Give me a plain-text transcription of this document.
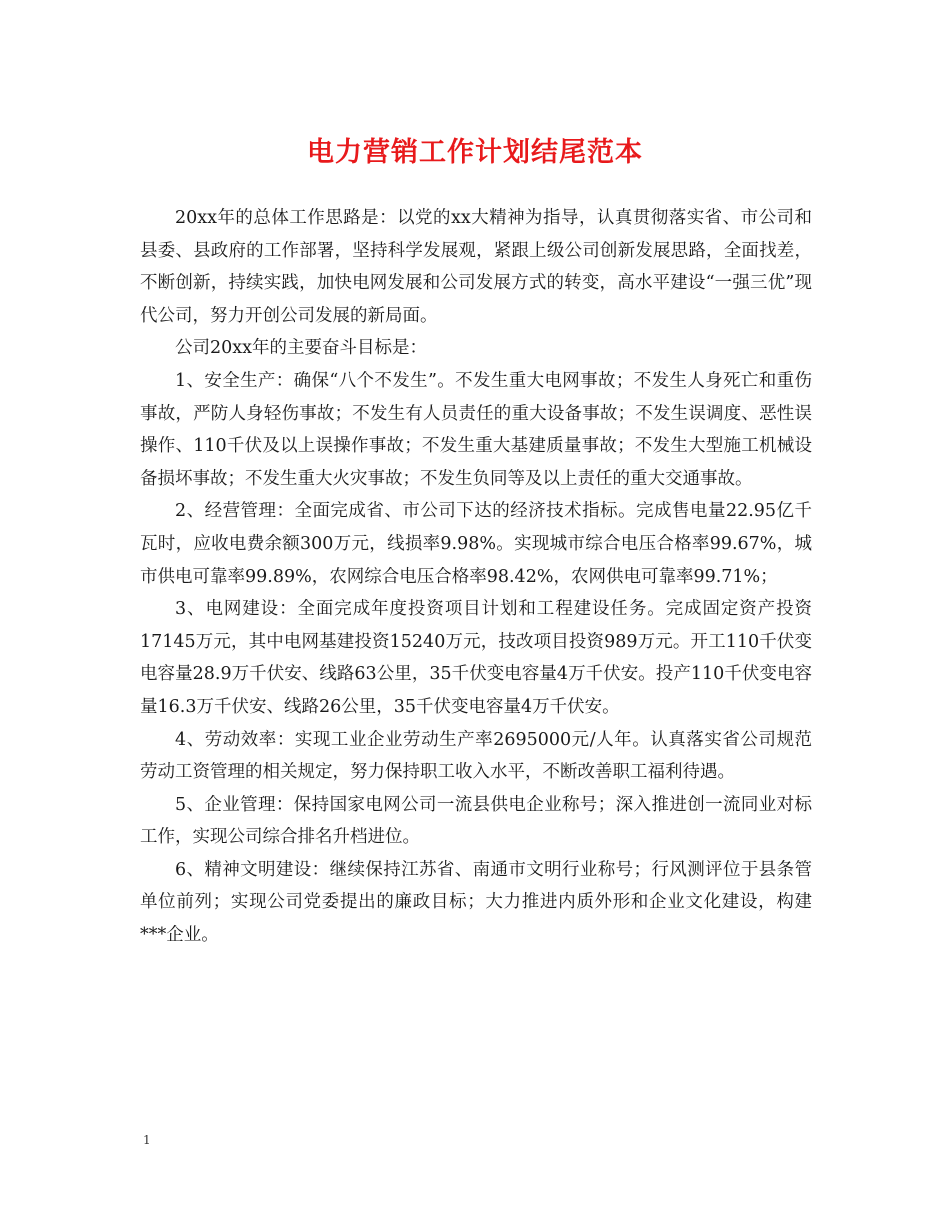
电力营销工作计划结尾范本

20xx年的总体工作思路是：以党的xx大精神为指导，认真贯彻落实省、市公司和县委、县政府的工作部署，坚持科学发展观，紧跟上级公司创新发展思路，全面找差，不断创新，持续实践，加快电网发展和公司发展方式的转变，高水平建设“一强三优”现代公司，努力开创公司发展的新局面。

公司20xx年的主要奋斗目标是：

1、安全生产：确保“八个不发生”。不发生重大电网事故；不发生人身死亡和重伤事故，严防人身轻伤事故；不发生有人员责任的重大设备事故；不发生误调度、恶性误操作、110千伏及以上误操作事故；不发生重大基建质量事故；不发生大型施工机械设备损坏事故；不发生重大火灾事故；不发生负同等及以上责任的重大交通事故。

2、经营管理：全面完成省、市公司下达的经济技术指标。完成售电量22.95亿千瓦时，应收电费余额300万元，线损率9.98%。实现城市综合电压合格率99.67%，城市供电可靠率99.89%，农网综合电压合格率98.42%，农网供电可靠率99.71%；

3、电网建设：全面完成年度投资项目计划和工程建设任务。完成固定资产投资17145万元，其中电网基建投资15240万元，技改项目投资989万元。开工110千伏变电容量28.9万千伏安、线路63公里，35千伏变电容量4万千伏安。投产110千伏变电容量16.3万千伏安、线路26公里，35千伏变电容量4万千伏安。

4、劳动效率：实现工业企业劳动生产率2695000元/人年。认真落实省公司规范劳动工资管理的相关规定，努力保持职工收入水平，不断改善职工福利待遇。

5、企业管理：保持国家电网公司一流县供电企业称号；深入推进创一流同业对标工作，实现公司综合排名升档进位。

6、精神文明建设：继续保持江苏省、南通市文明行业称号；行风测评位于县条管单位前列；实现公司党委提出的廉政目标；大力推进内质外形和企业文化建设，构建***企业。

1
